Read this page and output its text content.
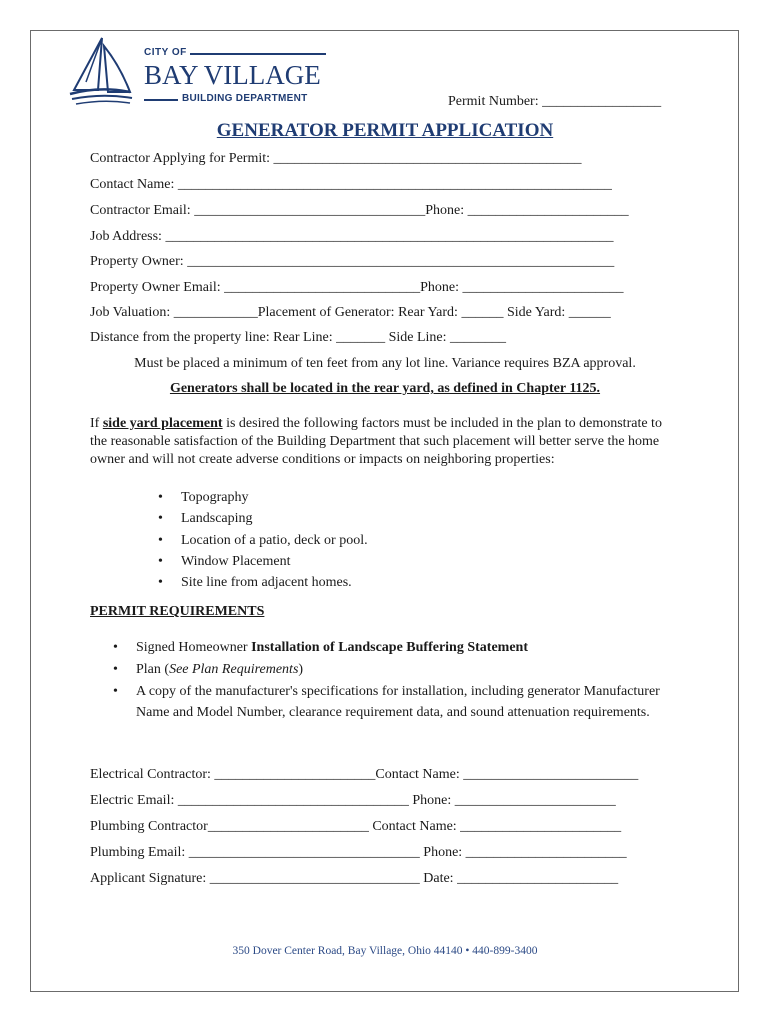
CITY OF
BAY VILLAGE
BUILDING DEPARTMENT	Permit Number: _________________
GENERATOR PERMIT APPLICATION
Contractor Applying for Permit: ____________________________________________
Contact Name: ______________________________________________________________
Contractor Email: _________________________________Phone: _______________________
Job Address: ________________________________________________________________
Property Owner: _____________________________________________________________
Property Owner Email: ____________________________Phone: _______________________
Job Valuation: ____________Placement of Generator: Rear Yard: ______ Side Yard: ______
Distance from the property line: Rear Line: _______ Side Line: ________
Must be placed a minimum of ten feet from any lot line. Variance requires BZA approval.
Generators shall be located in the rear yard, as defined in Chapter 1125.
If side yard placement is desired the following factors must be included in the plan to demonstrate to the reasonable satisfaction of the Building Department that such placement will better serve the home owner and will not create adverse conditions or impacts on neighboring properties:
• Topography
• Landscaping
• Location of a patio, deck or pool.
• Window Placement
• Site line from adjacent homes.
PERMIT REQUIREMENTS
• Signed Homeowner Installation of Landscape Buffering Statement
• Plan (See Plan Requirements)
• A copy of the manufacturer's specifications for installation, including generator Manufacturer Name and Model Number, clearance requirement data, and sound attenuation requirements.
Electrical Contractor: _______________________Contact Name: _________________________
Electric Email: _________________________________ Phone: _______________________
Plumbing Contractor_______________________ Contact Name: _______________________
Plumbing Email: _________________________________ Phone: _______________________
Applicant Signature: ______________________________ Date: _______________________
350 Dover Center Road, Bay Village, Ohio 44140 • 440-899-3400
